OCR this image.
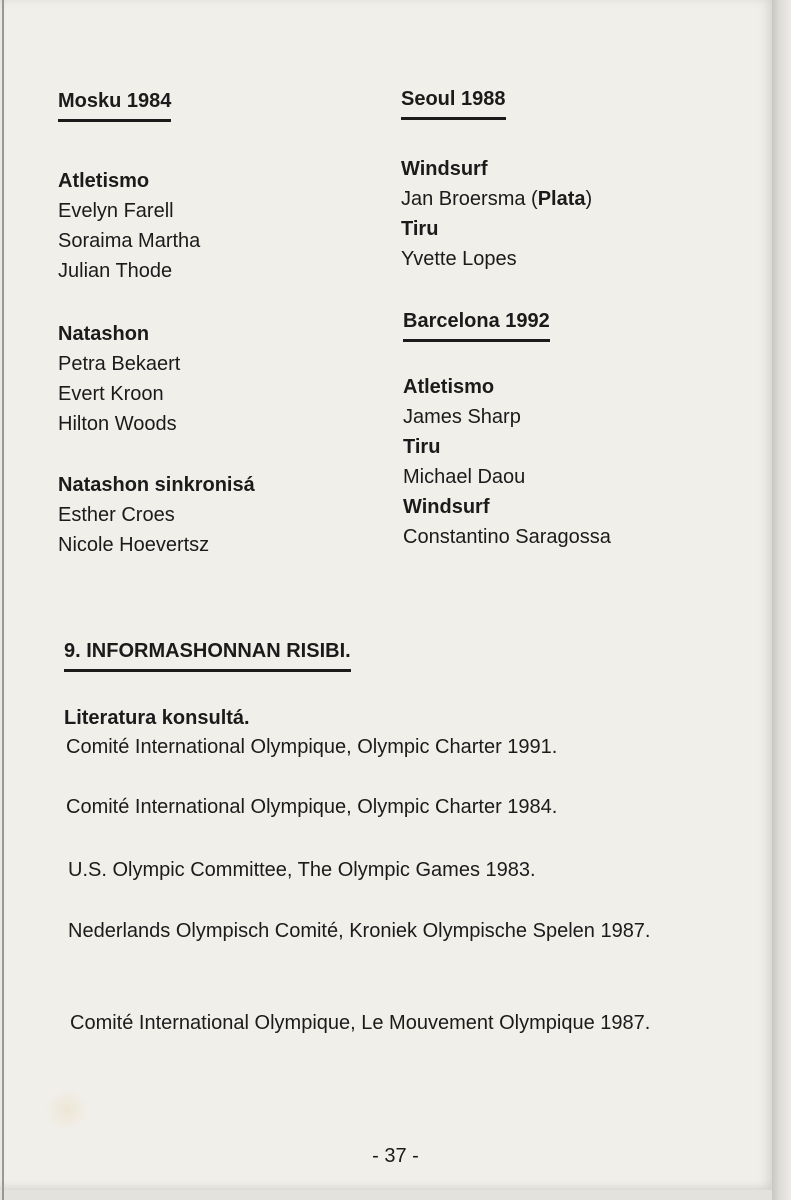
Mosku 1984

Atletismo

Evelyn Farell

Soraima Martha

Julian Thode

Natashon

Petra Bekaert

Evert Kroon

Hilton Woods

Natashon sinkronisá

Esther Croes

Nicole Hoevertsz

Seoul 1988

Windsurf

Jan Broersma (Plata)

Tiru

Yvette Lopes

Barcelona 1992

Atletismo

James Sharp

Tiru

Michael Daou

Windsurf

Constantino Saragossa

9. INFORMASHONNAN RISIBI.

Literatura konsultá.

Comité International Olympique, Olympic Charter 1991.
Comité International Olympique, Olympic Charter 1984.
U.S. Olympic Committee, The Olympic Games 1983.
Nederlands Olympisch Comité, Kroniek Olympische Spelen 1987.
Comité International Olympique, Le Mouvement Olympique 1987.
- 37 -
